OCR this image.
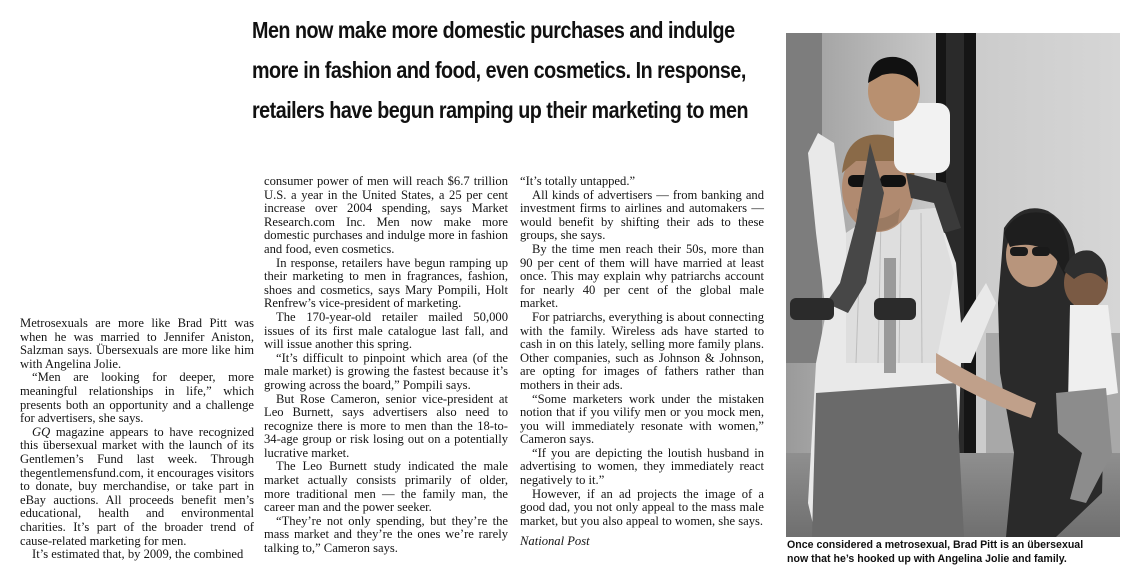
Men now make more domestic purchases and indulge
more in fashion and food, even cosmetics. In response,
retailers have begun ramping up their marketing to men

Metrosexuals are more like Brad Pitt was when he was married to Jennifer Aniston, Salzman says. Übersexuals are more like him with Angelina Jolie.

“Men are looking for deeper, more meaningful relationships in life,” which presents both an opportunity and a challenge for advertisers, she says.

GQ magazine appears to have recognized this übersexual market with the launch of its Gentlemen’s Fund last week. Through thegentlemensfund.com, it encourages visitors to donate, buy merchandise, or take part in eBay auctions. All proceeds benefit men’s educational, health and environmental charities. It’s part of the broader trend of cause-related marketing for men.

It’s estimated that, by 2009, the combined

consumer power of men will reach $6.7 trillion U.S. a year in the United States, a 25 per cent increase over 2004 spending, says Market Research.com Inc. Men now make more domestic purchases and indulge more in fashion and food, even cosmetics.

In response, retailers have begun ramping up their marketing to men in fragrances, fashion, shoes and cosmetics, says Mary Pompili, Holt Renfrew’s vice-president of marketing.

The 170-year-old retailer mailed 50,000 issues of its first male catalogue last fall, and will issue another this spring.

“It’s difficult to pinpoint which area (of the male market) is growing the fastest because it’s growing across the board,” Pompili says.

But Rose Cameron, senior vice-president at Leo Burnett, says advertisers also need to recognize there is more to men than the 18-to-34-age group or risk losing out on a potentially lucrative market.

The Leo Burnett study indicated the male market actually consists primarily of older, more traditional men — the family man, the career man and the power seeker.

“They’re not only spending, but they’re the mass market and they’re the ones we’re rarely talking to,” Cameron says.

“It’s totally untapped.”

All kinds of advertisers — from banking and investment firms to airlines and automakers — would benefit by shifting their ads to these groups, she says.

By the time men reach their 50s, more than 90 per cent of them will have married at least once. This may explain why patriarchs account for nearly 40 per cent of the global male market.

For patriarchs, everything is about connecting with the family. Wireless ads have started to cash in on this lately, selling more family plans. Other companies, such as Johnson & Johnson, are opting for images of fathers rather than mothers in their ads.

“Some marketers work under the mistaken notion that if you vilify men or you mock men, you will immediately resonate with women,” Cameron says.

“If you are depicting the loutish husband in advertising to women, they immediately react negatively to it.”

However, if an ad projects the image of a good dad, you not only appeal to the mass male market, but you also appeal to women, she says.

National Post	Once considered a metrosexual, Brad Pitt is an übersexual
now that he’s hooked up with Angelina Jolie and family.
